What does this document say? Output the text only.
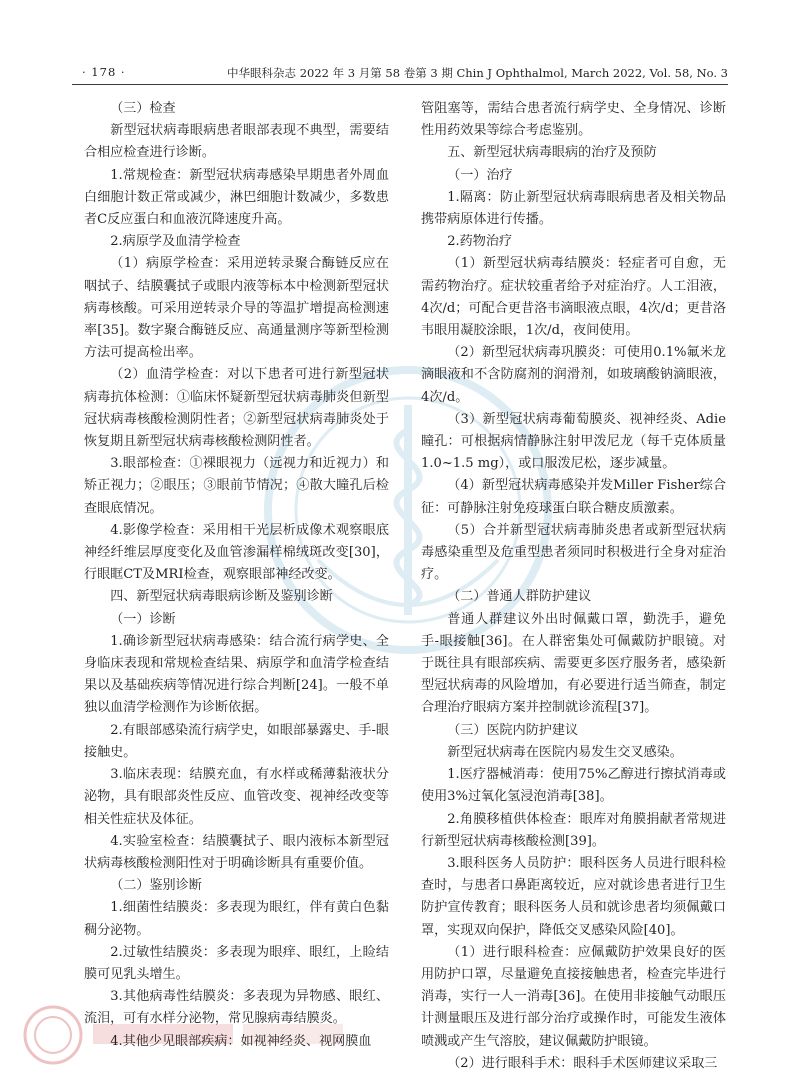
· 178 ·	中华眼科杂志 2022 年 3 月第 58 卷第 3 期 Chin J Ophthalmol, March 2022, Vol. 58, No. 3

（三）检查

新型冠状病毒眼病患者眼部表现不典型，需要结合相应检查进行诊断。

1.常规检查：新型冠状病毒感染早期患者外周血白细胞计数正常或减少，淋巴细胞计数减少，多数患者C反应蛋白和血液沉降速度升高。

2.病原学及血清学检查

（1）病原学检查：采用逆转录聚合酶链反应在咽拭子、结膜囊拭子或眼内液等标本中检测新型冠状病毒核酸。可采用逆转录介导的等温扩增提高检测速率[35]。数字聚合酶链反应、高通量测序等新型检测方法可提高检出率。

（2）血清学检查：对以下患者可进行新型冠状病毒抗体检测：①临床怀疑新型冠状病毒肺炎但新型冠状病毒核酸检测阴性者；②新型冠状病毒肺炎处于恢复期且新型冠状病毒核酸检测阴性者。

3.眼部检查：①裸眼视力（远视力和近视力）和矫正视力；②眼压；③眼前节情况；④散大瞳孔后检查眼底情况。

4.影像学检查：采用相干光层析成像术观察眼底神经纤维层厚度变化及血管渗漏样棉绒斑改变[30]，行眼眶CT及MRI检查，观察眼部神经改变。

四、新型冠状病毒眼病诊断及鉴别诊断

（一）诊断

1.确诊新型冠状病毒感染：结合流行病学史、全身临床表现和常规检查结果、病原学和血清学检查结果以及基础疾病等情况进行综合判断[24]。一般不单独以血清学检测作为诊断依据。

2.有眼部感染流行病学史，如眼部暴露史、手-眼接触史。

3.临床表现：结膜充血，有水样或稀薄黏液状分泌物，具有眼部炎性反应、血管改变、视神经改变等相关性症状及体征。

4.实验室检查：结膜囊拭子、眼内液标本新型冠状病毒核酸检测阳性对于明确诊断具有重要价值。

（二）鉴别诊断

1.细菌性结膜炎：多表现为眼红，伴有黄白色黏稠分泌物。

2.过敏性结膜炎：多表现为眼痒、眼红，上睑结膜可见乳头增生。

3.其他病毒性结膜炎：多表现为异物感、眼红、流泪，可有水样分泌物，常见腺病毒结膜炎。

4.其他少见眼部疾病：如视神经炎、视网膜血

管阻塞等，需结合患者流行病学史、全身情况、诊断性用药效果等综合考虑鉴别。

五、新型冠状病毒眼病的治疗及预防

（一）治疗

1.隔离：防止新型冠状病毒眼病患者及相关物品携带病原体进行传播。

2.药物治疗

（1）新型冠状病毒结膜炎：轻症者可自愈，无需药物治疗。症状较重者给予对症治疗。人工泪液，4次/d；可配合更昔洛韦滴眼液点眼，4次/d；更昔洛韦眼用凝胶涂眼，1次/d，夜间使用。

（2）新型冠状病毒巩膜炎：可使用0.1%氟米龙滴眼液和不含防腐剂的润滑剂，如玻璃酸钠滴眼液，4次/d。

（3）新型冠状病毒葡萄膜炎、视神经炎、Adie瞳孔：可根据病情静脉注射甲泼尼龙（每千克体质量1.0~1.5 mg），或口服泼尼松，逐步减量。

（4）新型冠状病毒感染并发Miller Fisher综合征：可静脉注射免疫球蛋白联合糖皮质激素。

（5）合并新型冠状病毒肺炎患者或新型冠状病毒感染重型及危重型患者须同时积极进行全身对症治疗。

（二）普通人群防护建议

普通人群建议外出时佩戴口罩，勤洗手，避免手-眼接触[36]。在人群密集处可佩戴防护眼镜。对于既往具有眼部疾病、需要更多医疗服务者，感染新型冠状病毒的风险增加，有必要进行适当筛查，制定合理治疗眼病方案并控制就诊流程[37]。

（三）医院内防护建议

新型冠状病毒在医院内易发生交叉感染。

1.医疗器械消毒：使用75%乙醇进行擦拭消毒或使用3%过氧化氢浸泡消毒[38]。

2.角膜移植供体检查：眼库对角膜捐献者常规进行新型冠状病毒核酸检测[39]。

3.眼科医务人员防护：眼科医务人员进行眼科检查时，与患者口鼻距离较近，应对就诊患者进行卫生防护宣传教育；眼科医务人员和就诊患者均须佩戴口罩，实现双向保护，降低交叉感染风险[40]。

（1）进行眼科检查：应佩戴防护效果良好的医用防护口罩，尽量避免直接接触患者，检查完毕进行消毒，实行一人一消毒[36]。在使用非接触气动眼压计测量眼压及进行部分治疗或操作时，可能发生液体喷溅或产生气溶胶，建议佩戴防护眼镜。

（2）进行眼科手术：眼科手术医师建议采取三
